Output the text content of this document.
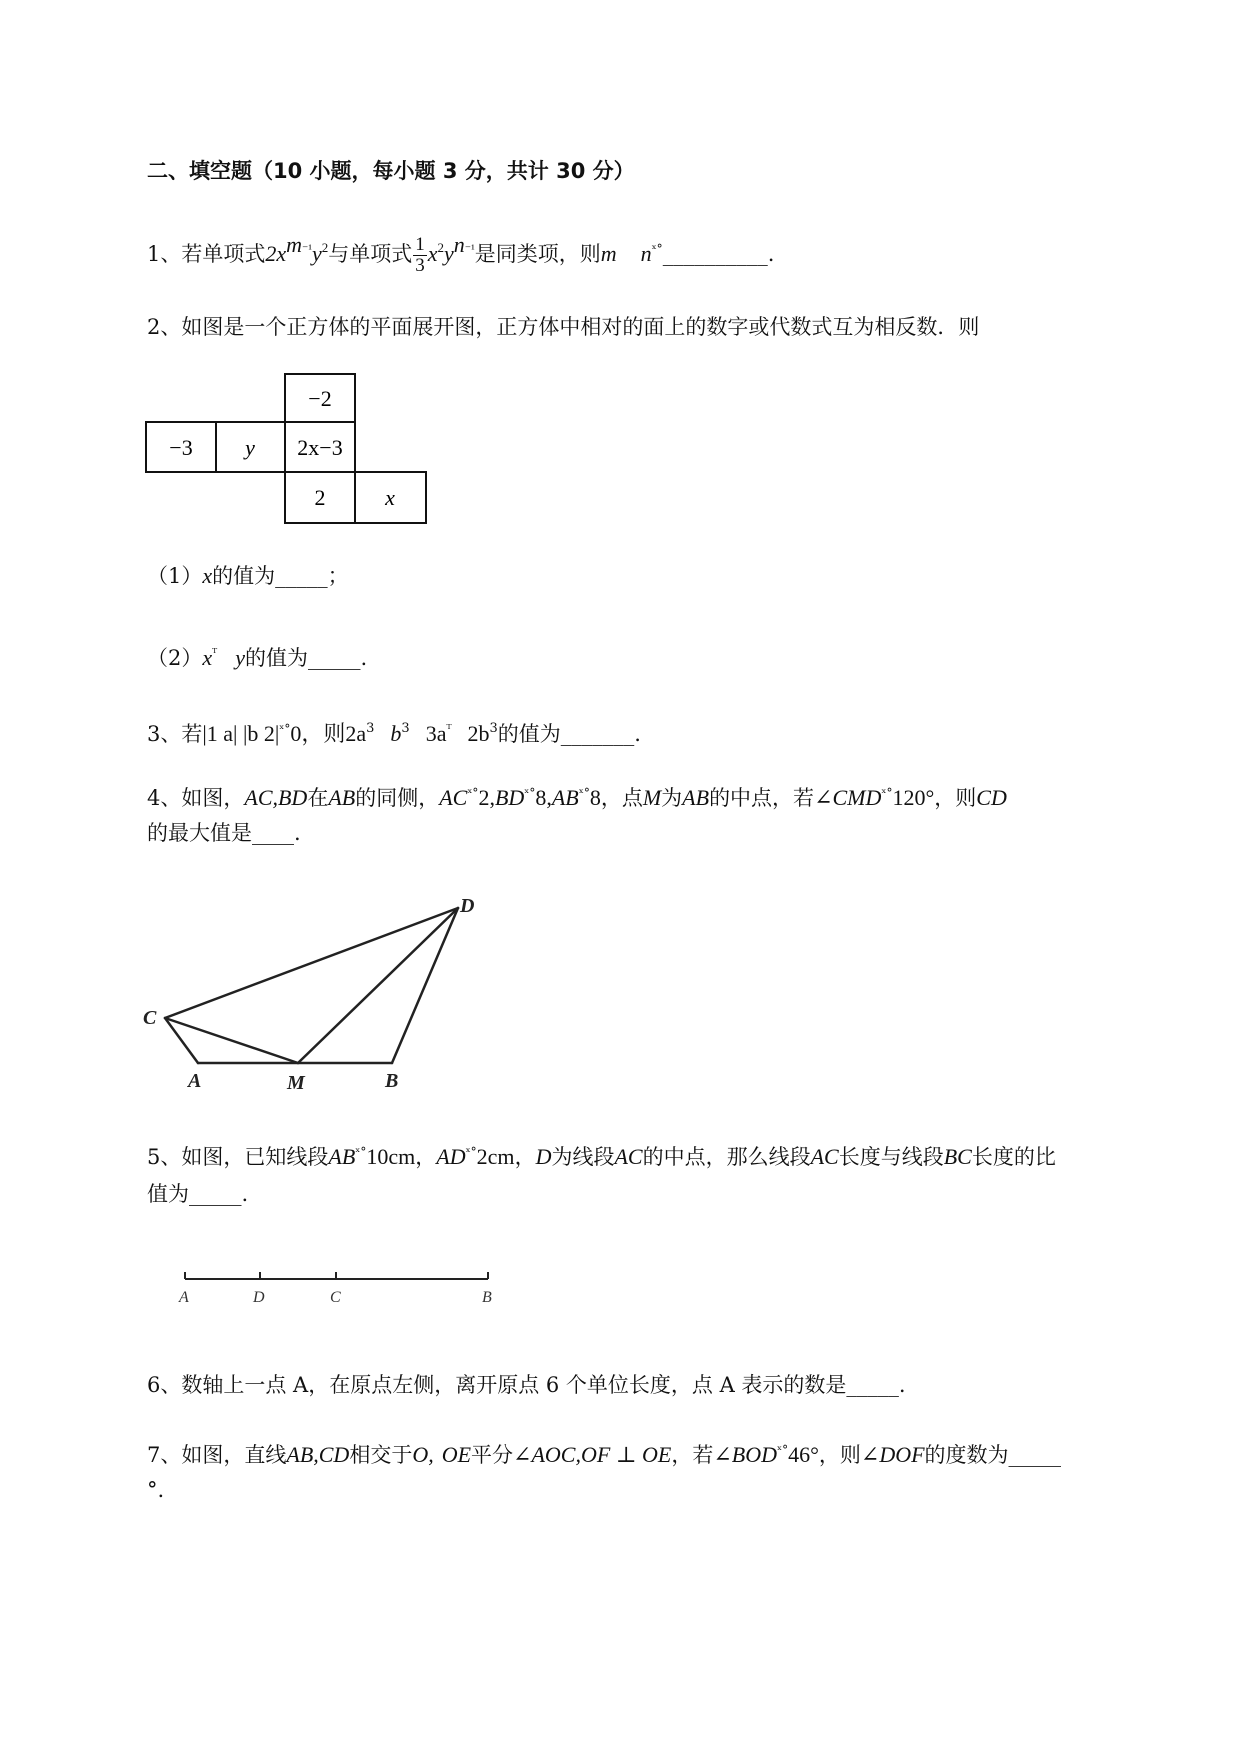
二、填空题（10 小题，每小题 3 分，共计 30 分）
1、若单项式$2x^{m^{-1}}y^2$与单项式 $\frac{1}{3} x^2y^{n^{-1}}$是同类项，则m $n^{ˣ^\circ}\_\_\_\_\_\_\_\_\_\_$.
2、如图是一个正方体的平面展开图，正方体中相对的面上的数字或代数式互为相反数．则
−2
−3 y 2x−3
2	x
（1）x的值为_____；
$(2)x^ᵀ$ y的值为_____.
3、若|1 a| |b $2|^{ˣ^\circ}0$，则$2a^3$ $b^3$ $3a^ᵀ$ $2b^3$的值为_______.
4、如图，AC,BD在AB的同侧，$AC^{ˣ^\circ}2,BD^{ˣ^\circ}8,AB^{ˣ^\circ}8$，点M为AB的中点，若$\angle CMD^{ˣ^\circ}120^\circ$，则CD
的最大值是____.
C
D
A	M	B
5、如图，已知线段$AB^{ˣ^\circ}10cm$，$AD^{ˣ^\circ}2cm$，D为线段AC的中点，那么线段AC长度与线段BC长度的比
值为_____.
A	D	C	B
6、数轴上一点 A，在原点左侧，离开原点 6 个单位长度，点 A 表示的数是_____.
7、如图，直线AB,CD相交于O, OE平分∠AOC,OF ⊥ OE，若$\angle BOD^{ˣ^\circ}46^\circ$，则∠DOF的度数为_____
°.
